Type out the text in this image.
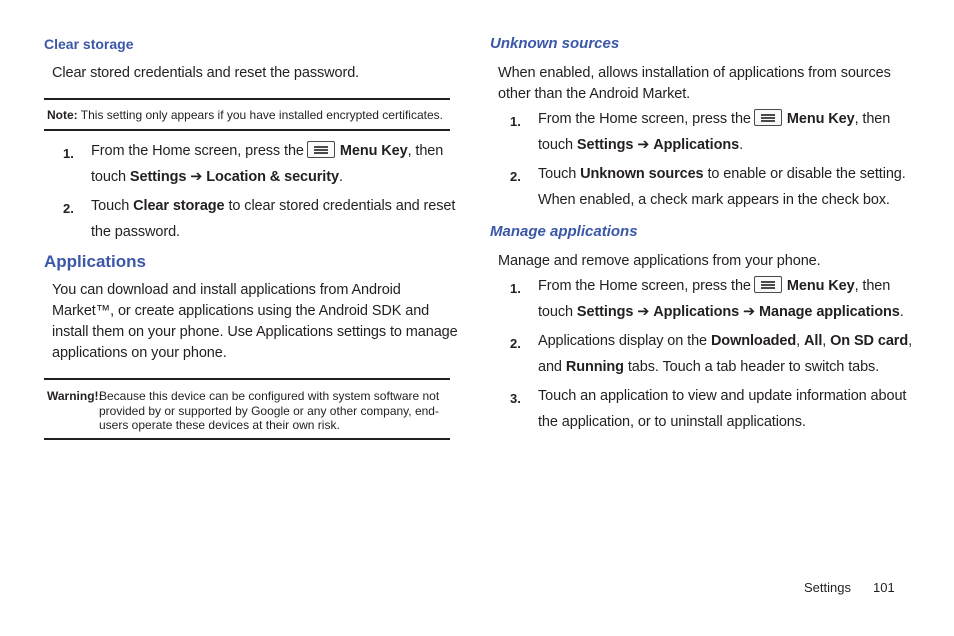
Clear storage
Clear stored credentials and reset the password.
Note: This setting only appears if you have installed encrypted certificates.
1. From the Home screen, press the Menu Key, then
touch Settings ➔ Location & security.
2. Touch Clear storage to clear stored credentials and reset
the password.
Applications
You can download and install applications from Android
Market™, or create applications using the Android SDK and
install them on your phone. Use Applications settings to manage
applications on your phone.
Warning!:
Because this device can be configured with system software not
provided by or supported by Google or any other company, end-
users operate these devices at their own risk.
Unknown sources
When enabled, allows installation of applications from sources
other than the Android Market.
1. From the Home screen, press the Menu Key, then
touch Settings ➔ Applications.
2. Touch Unknown sources to enable or disable the setting.
When enabled, a check mark appears in the check box.
Manage applications
Manage and remove applications from your phone.
1. From the Home screen, press the Menu Key, then
touch Settings ➔ Applications ➔ Manage applications.
2. Applications display on the Downloaded, All, On SD card,
and Running tabs. Touch a tab header to switch tabs.
3. Touch an application to view and update information about
the application, or to uninstall applications.
Settings 101
